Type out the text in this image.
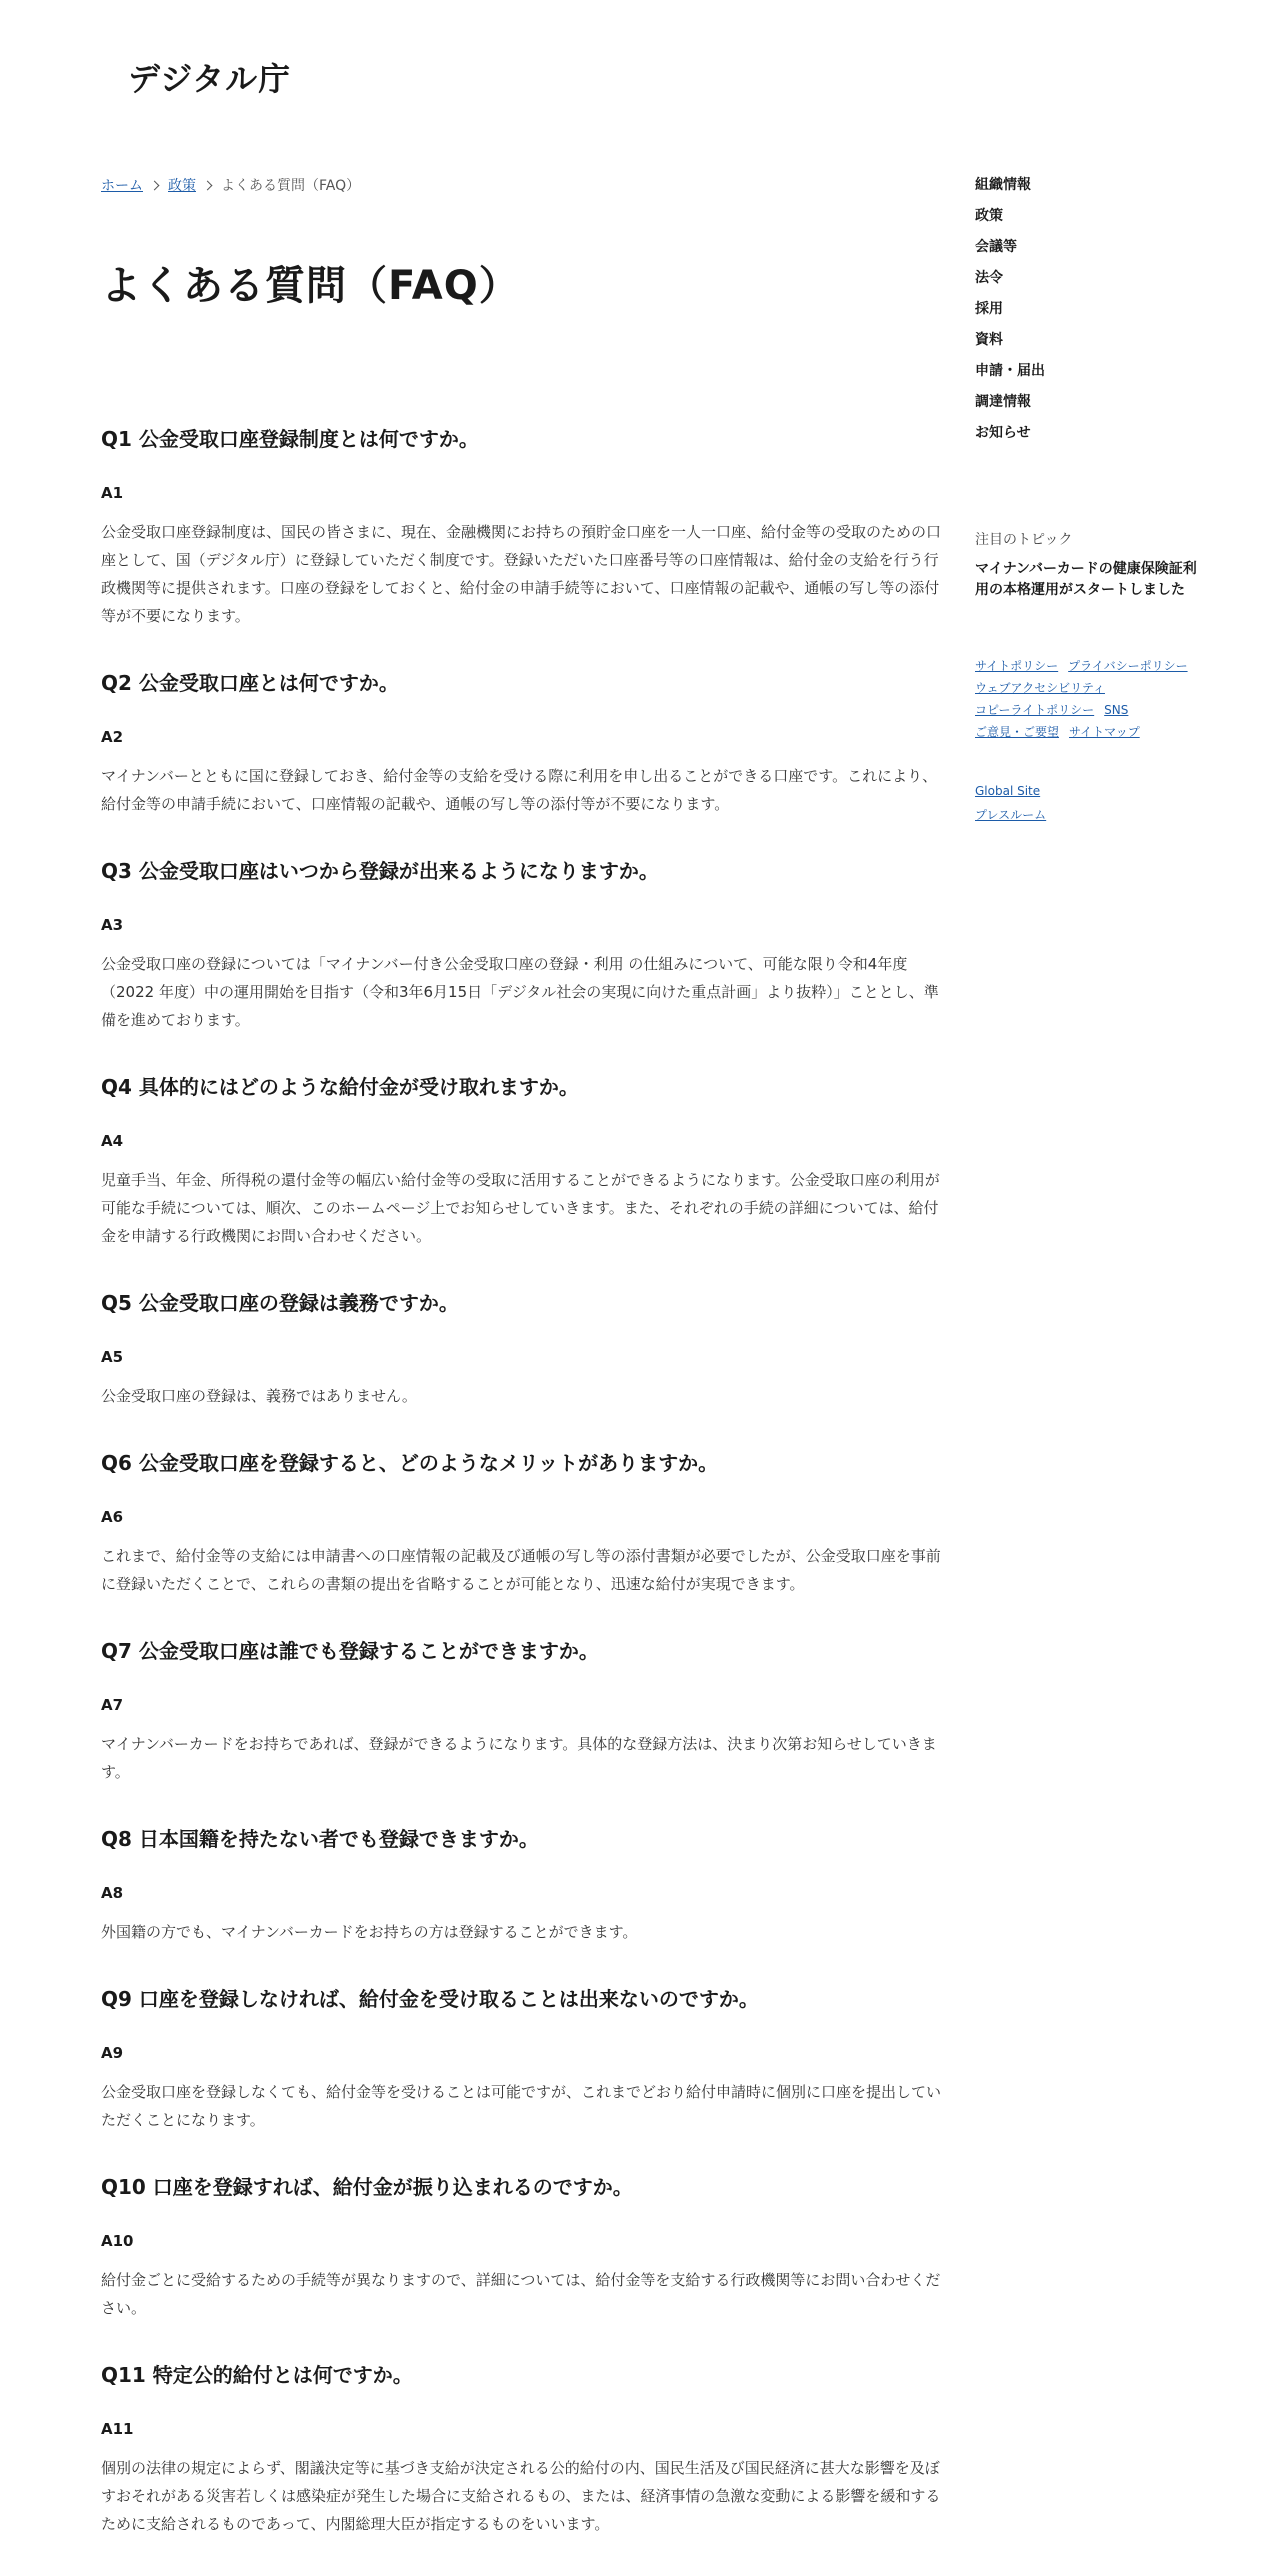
デジタル庁
ホーム 政策 よくある質問（FAQ）
よくある質問（FAQ）
Q1 公金受取口座登録制度とは何ですか。
A1

公金受取口座登録制度は、国民の皆さまに、現在、金融機関にお持ちの預貯金口座を一人一口座、給付金等の受取のための口座として、国（デジタル庁）に登録していただく制度です。登録いただいた口座番号等の口座情報は、給付金の支給を行う行政機関等に提供されます。口座の登録をしておくと、給付金の申請手続等において、口座情報の記載や、通帳の写し等の添付等が不要になります。

Q2 公金受取口座とは何ですか。
A2

マイナンバーとともに国に登録しておき、給付金等の支給を受ける際に利用を申し出ることができる口座です。これにより、給付金等の申請手続において、口座情報の記載や、通帳の写し等の添付等が不要になります。

Q3 公金受取口座はいつから登録が出来るようになりますか。
A3

公金受取口座の登録については「マイナンバー付き公金受取口座の登録・利用 の仕組みについて、可能な限り令和4年度（2022 年度）中の運用開始を目指す（令和3年6月15日「デジタル社会の実現に向けた重点計画」より抜粋）」こととし、準備を進めております。

Q4 具体的にはどのような給付金が受け取れますか。
A4

児童手当、年金、所得税の還付金等の幅広い給付金等の受取に活用することができるようになります。公金受取口座の利用が可能な手続については、順次、このホームページ上でお知らせしていきます。また、それぞれの手続の詳細については、給付金を申請する行政機関にお問い合わせください。

Q5 公金受取口座の登録は義務ですか。
A5

公金受取口座の登録は、義務ではありません。

Q6 公金受取口座を登録すると、どのようなメリットがありますか。
A6

これまで、給付金等の支給には申請書への口座情報の記載及び通帳の写し等の添付書類が必要でしたが、公金受取口座を事前に登録いただくことで、これらの書類の提出を省略することが可能となり、迅速な給付が実現できます。

Q7 公金受取口座は誰でも登録することができますか。
A7

マイナンバーカードをお持ちであれば、登録ができるようになります。具体的な登録方法は、決まり次第お知らせしていきます。

Q8 日本国籍を持たない者でも登録できますか。
A8

外国籍の方でも、マイナンバーカードをお持ちの方は登録することができます。

Q9 口座を登録しなければ、給付金を受け取ることは出来ないのですか。
A9

公金受取口座を登録しなくても、給付金等を受けることは可能ですが、これまでどおり給付申請時に個別に口座を提出していただくことになります。

Q10 口座を登録すれば、給付金が振り込まれるのですか。
A10

給付金ごとに受給するための手続等が異なりますので、詳細については、給付金等を支給する行政機関等にお問い合わせください。

Q11 特定公的給付とは何ですか。
A11

個別の法律の規定によらず、閣議決定等に基づき支給が決定される公的給付の内、国民生活及び国民経済に甚大な影響を及ぼすおそれがある災害若しくは感染症が発生した場合に支給されるもの、または、経済事情の急激な変動による影響を緩和するために支給されるものであって、内閣総理大臣が指定するものをいいます。

組織情報
政策
会議等
法令
採用
資料
申請・届出
調達情報
お知らせ
注目のトピック
マイナンバーカードの健康保険証利
用の本格運用がスタートしました
サイトポリシー プライバシーポリシー
ウェブアクセシビリティ
コピーライトポリシー SNS
ご意見・ご要望 サイトマップ
Global Site
プレスルーム
